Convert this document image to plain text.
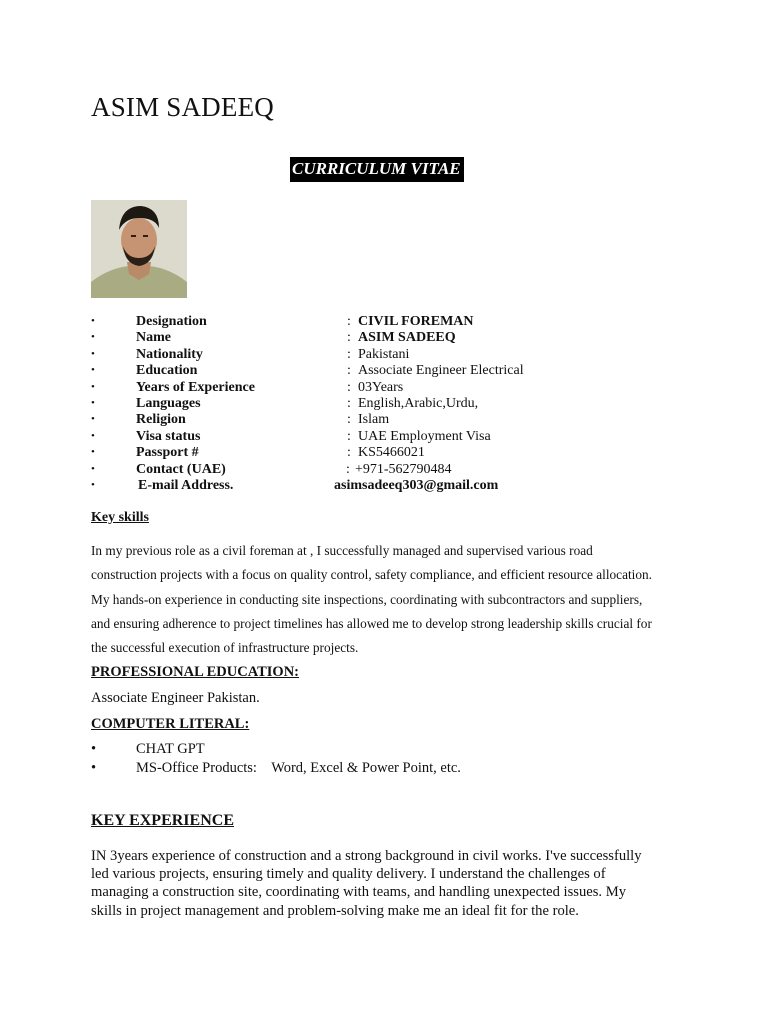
ASIM SADEEQ
CURRICULUM VITAE
•	Designation	: CIVIL FOREMAN
•	Name	: ASIM SADEEQ
•	Nationality	: Pakistani
•	Education	: Associate Engineer Electrical
•	Years of Experience	: 03Years
•	Languages	: English,Arabic,Urdu,
•	Religion	: Islam
•	Visa status	: UAE Employment Visa
•	Passport #	: KS5466021
•	Contact (UAE)	: +971-562790484
•	E-mail Address.	asimsadeeq303@gmail.com
Key skills

In my previous role as a civil foreman at , I successfully managed and supervised various road

construction projects with a focus on quality control, safety compliance, and efficient resource allocation.

My hands-on experience in conducting site inspections, coordinating with subcontractors and suppliers,

and ensuring adherence to project timelines has allowed me to develop strong leadership skills crucial for

the successful execution of infrastructure projects.

PROFESSIONAL EDUCATION:
Associate Engineer Pakistan.
COMPUTER LITERAL:
•	CHAT GPT
•	MS-Office Products:    Word, Excel & Power Point, etc.
KEY EXPERIENCE

IN 3years experience of construction and a strong background in civil works. I've successfully

led various projects, ensuring timely and quality delivery. I understand the challenges of

managing a construction site, coordinating with teams, and handling unexpected issues. My

skills in project management and problem-solving make me an ideal fit for the role.
